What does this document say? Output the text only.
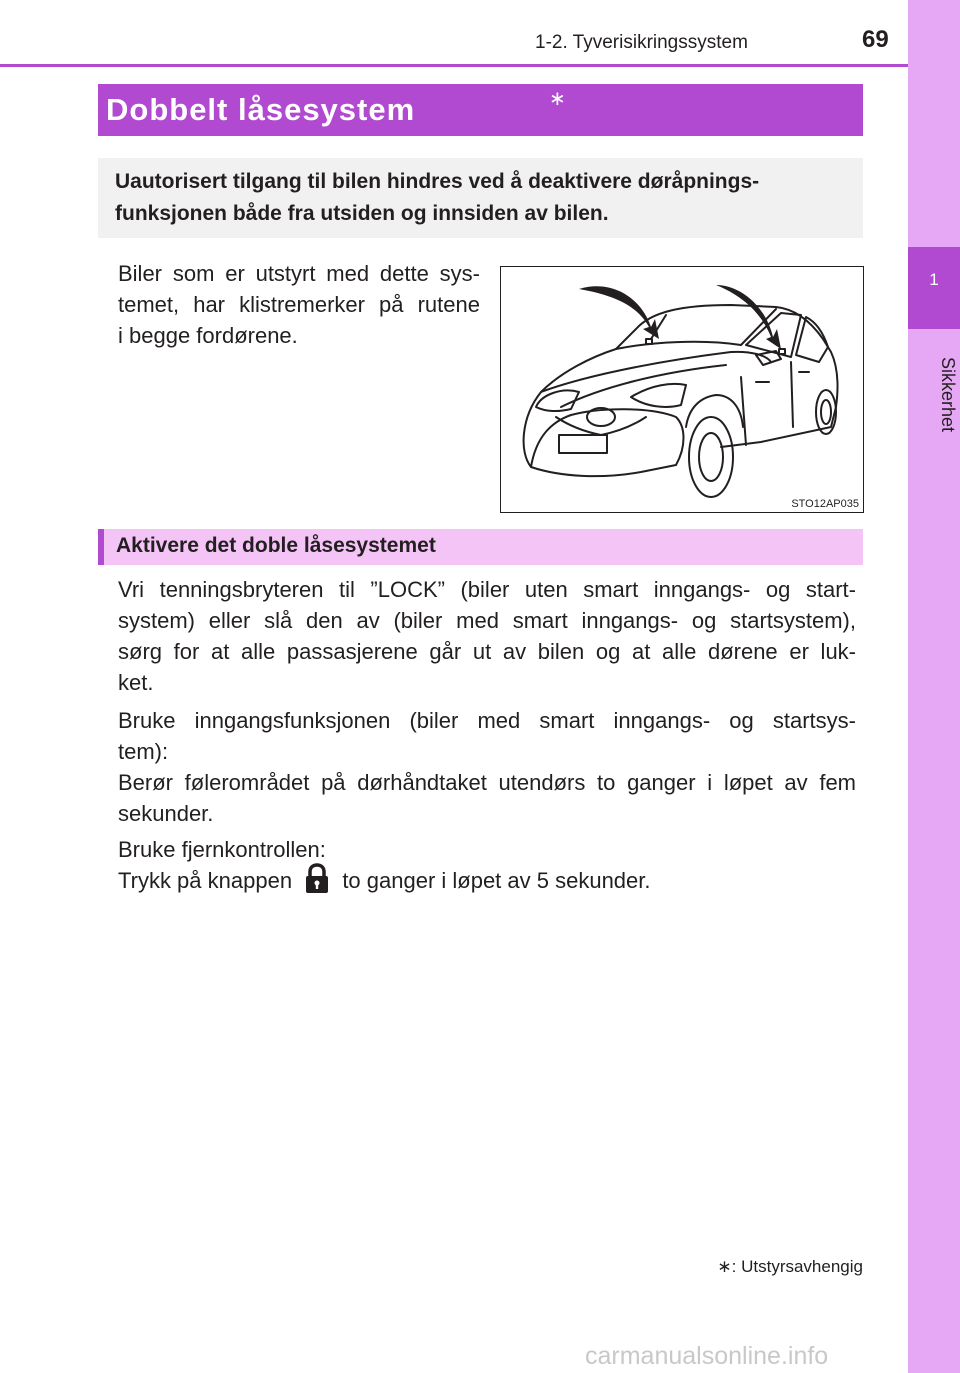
1
Sikkerhet
1-2. Tyverisikringssystem	69
Dobbelt låsesystem	∗
Uautorisert tilgang til bilen hindres ved å deaktivere døråpnings-
funksjonen både fra utsiden og innsiden av bilen.
Biler som er utstyrt med dette sys-
temet, har klistremerker på rutene
i begge fordørene.
STO12AP035
Aktivere det doble låsesystemet
Vri tenningsbryteren til ”LOCK” (biler uten smart inngangs- og start-
system) eller slå den av (biler med smart inngangs- og startsystem),
sørg for at alle passasjerene går ut av bilen og at alle dørene er luk-
ket.
Bruke inngangsfunksjonen (biler med smart inngangs- og startsys-
tem):
Berør følerområdet på dørhåndtaket utendørs to ganger i løpet av fem
sekunder.
Bruke fjernkontrollen:
Trykk på knappen to ganger i løpet av 5 sekunder.
∗: Utstyrsavhengig
carmanualsonline.info
